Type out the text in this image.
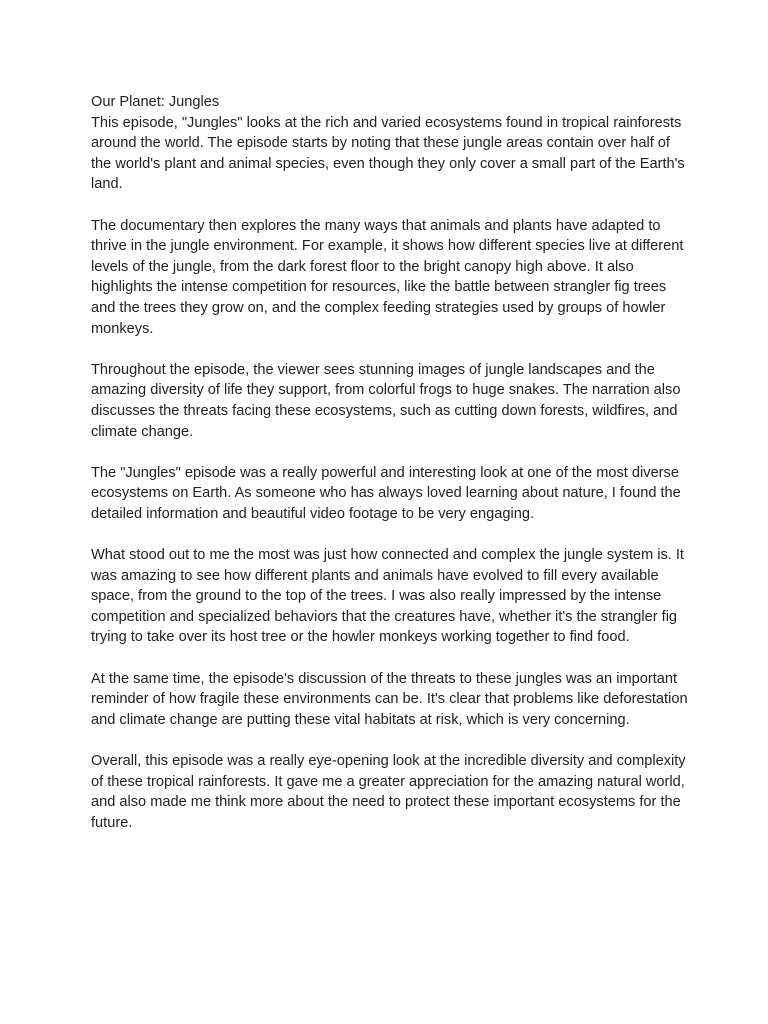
Our Planet: Jungles

This episode, "Jungles" looks at the rich and varied ecosystems found in tropical rainforests around the world. The episode starts by noting that these jungle areas contain over half of the world's plant and animal species, even though they only cover a small part of the Earth's land.

The documentary then explores the many ways that animals and plants have adapted to thrive in the jungle environment. For example, it shows how different species live at different levels of the jungle, from the dark forest floor to the bright canopy high above. It also highlights the intense competition for resources, like the battle between strangler fig trees and the trees they grow on, and the complex feeding strategies used by groups of howler monkeys.

Throughout the episode, the viewer sees stunning images of jungle landscapes and the amazing diversity of life they support, from colorful frogs to huge snakes. The narration also discusses the threats facing these ecosystems, such as cutting down forests, wildfires, and climate change.

The "Jungles" episode was a really powerful and interesting look at one of the most diverse ecosystems on Earth. As someone who has always loved learning about nature, I found the detailed information and beautiful video footage to be very engaging.

What stood out to me the most was just how connected and complex the jungle system is. It was amazing to see how different plants and animals have evolved to fill every available space, from the ground to the top of the trees. I was also really impressed by the intense competition and specialized behaviors that the creatures have, whether it's the strangler fig trying to take over its host tree or the howler monkeys working together to find food.

At the same time, the episode's discussion of the threats to these jungles was an important reminder of how fragile these environments can be. It's clear that problems like deforestation and climate change are putting these vital habitats at risk, which is very concerning.

Overall, this episode was a really eye-opening look at the incredible diversity and complexity of these tropical rainforests. It gave me a greater appreciation for the amazing natural world, and also made me think more about the need to protect these important ecosystems for the future.
